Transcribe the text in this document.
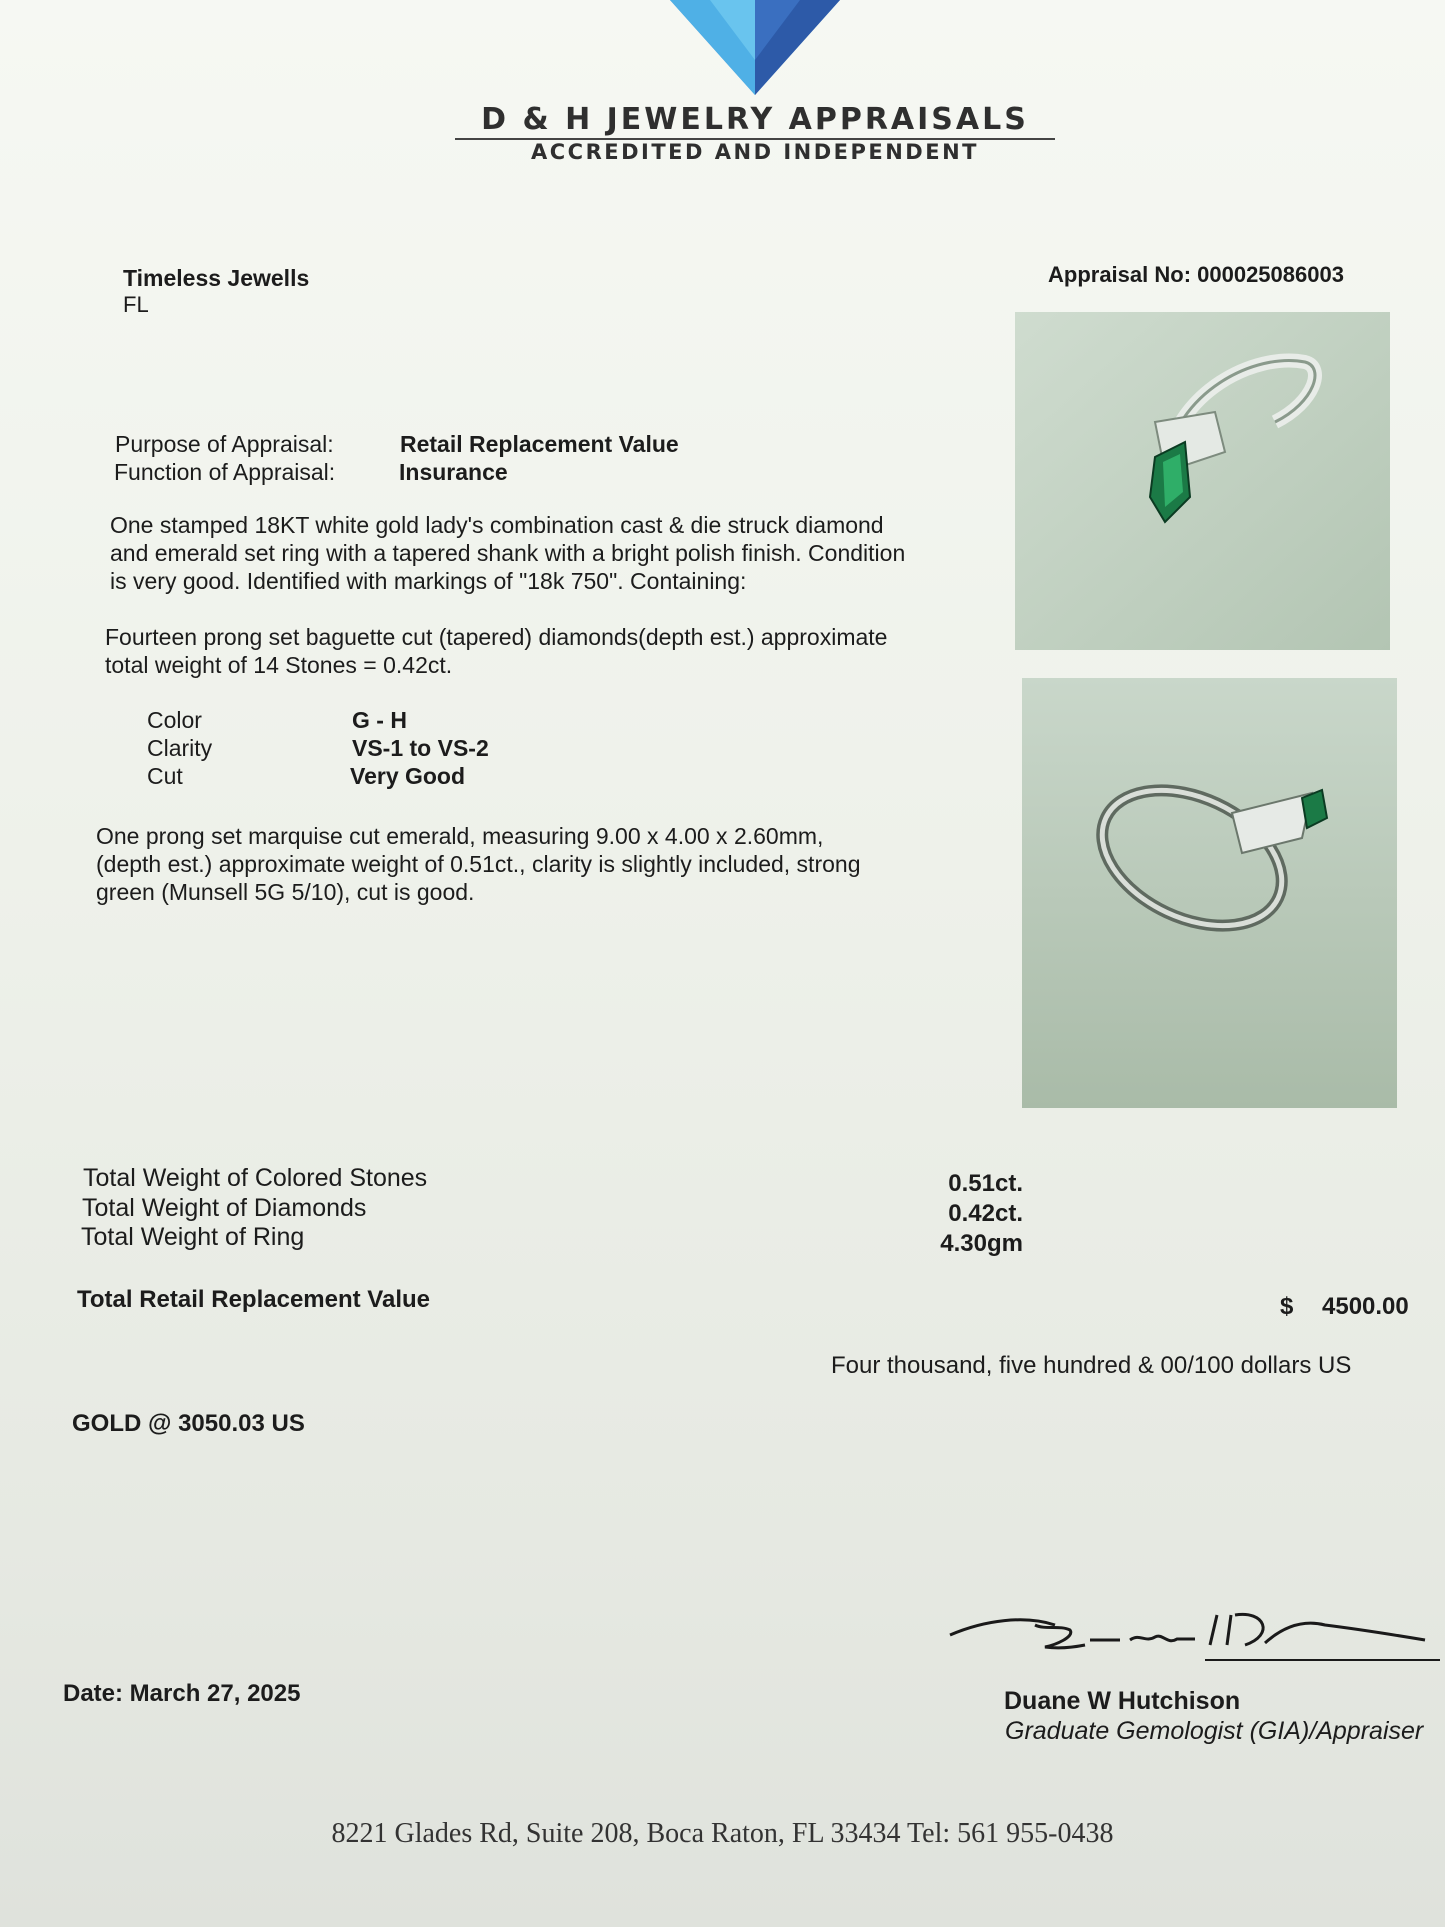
D & H JEWELRY APPRAISALS
ACCREDITED AND INDEPENDENT
Timeless Jewells
FL
Appraisal No: 000025086003
Purpose of Appraisal:	Retail Replacement Value
Function of Appraisal:	Insurance
One stamped 18KT white gold lady's combination cast & die struck diamond
and emerald set ring with a tapered shank with a bright polish finish. Condition
is very good. Identified with markings of "18k 750". Containing:
Fourteen prong set baguette cut (tapered) diamonds(depth est.) approximate
total weight of 14 Stones = 0.42ct.
Color	G - H
Clarity	VS-1 to VS-2
Cut	Very Good
One prong set marquise cut emerald, measuring 9.00 x 4.00 x 2.60mm,
(depth est.) approximate weight of 0.51ct., clarity is slightly included, strong
green (Munsell 5G 5/10), cut is good.
Total Weight of Colored Stones	0.51ct.
Total Weight of Diamonds	0.42ct.
Total Weight of Ring	4.30gm
Total Retail Replacement Value	$ 4500.00
Four thousand, five hundred & 00/100 dollars US
GOLD @ 3050.03 US
Date: March 27, 2025	Duane W Hutchison
Graduate Gemologist (GIA)/Appraiser
8221 Glades Rd, Suite 208, Boca Raton, FL 33434 Tel: 561 955-0438
